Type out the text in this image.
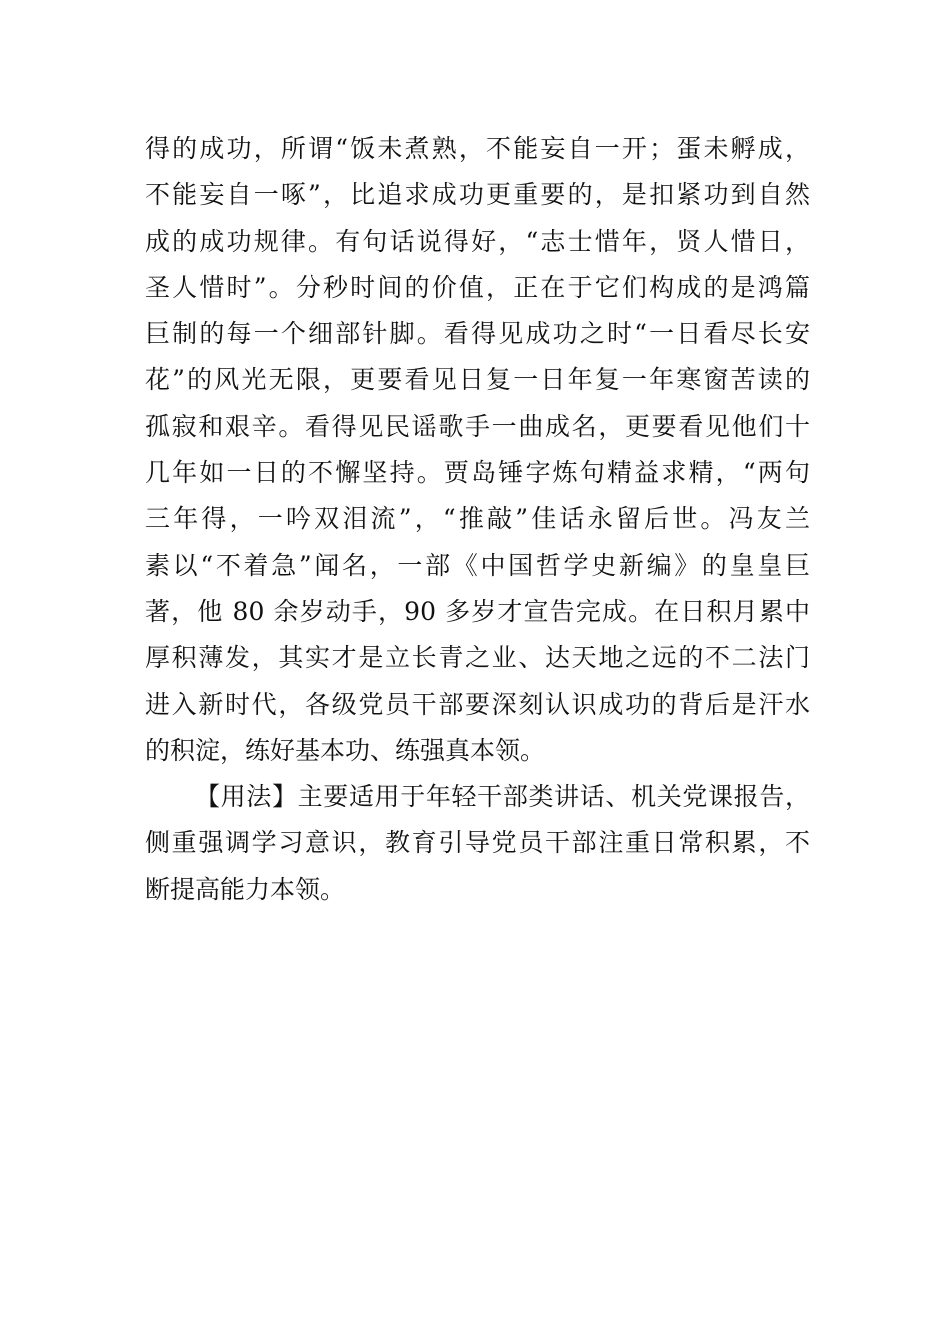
得的成功，所谓“饭未煮熟，不能妄自一开；蛋未孵成，
不能妄自一啄”，比追求成功更重要的，是扣紧功到自然
成的成功规律。有句话说得好，“志士惜年，贤人惜日，
圣人惜时”。分秒时间的价值，正在于它们构成的是鸿篇
巨制的每一个细部针脚。看得见成功之时“一日看尽长安
花”的风光无限，更要看见日复一日年复一年寒窗苦读的
孤寂和艰辛。看得见民谣歌手一曲成名，更要看见他们十
几年如一日的不懈坚持。贾岛锤字炼句精益求精，“两句
三年得，一吟双泪流”，“推敲”佳话永留后世。冯友兰
素以“不着急”闻名，一部《中国哲学史新编》的皇皇巨
著，他 80 余岁动手，90 多岁才宣告完成。在日积月累中
厚积薄发，其实才是立长青之业、达天地之远的不二法门
进入新时代，各级党员干部要深刻认识成功的背后是汗水
的积淀，练好基本功、练强真本领。
【用法】主要适用于年轻干部类讲话、机关党课报告，
侧重强调学习意识，教育引导党员干部注重日常积累，不
断提高能力本领。
